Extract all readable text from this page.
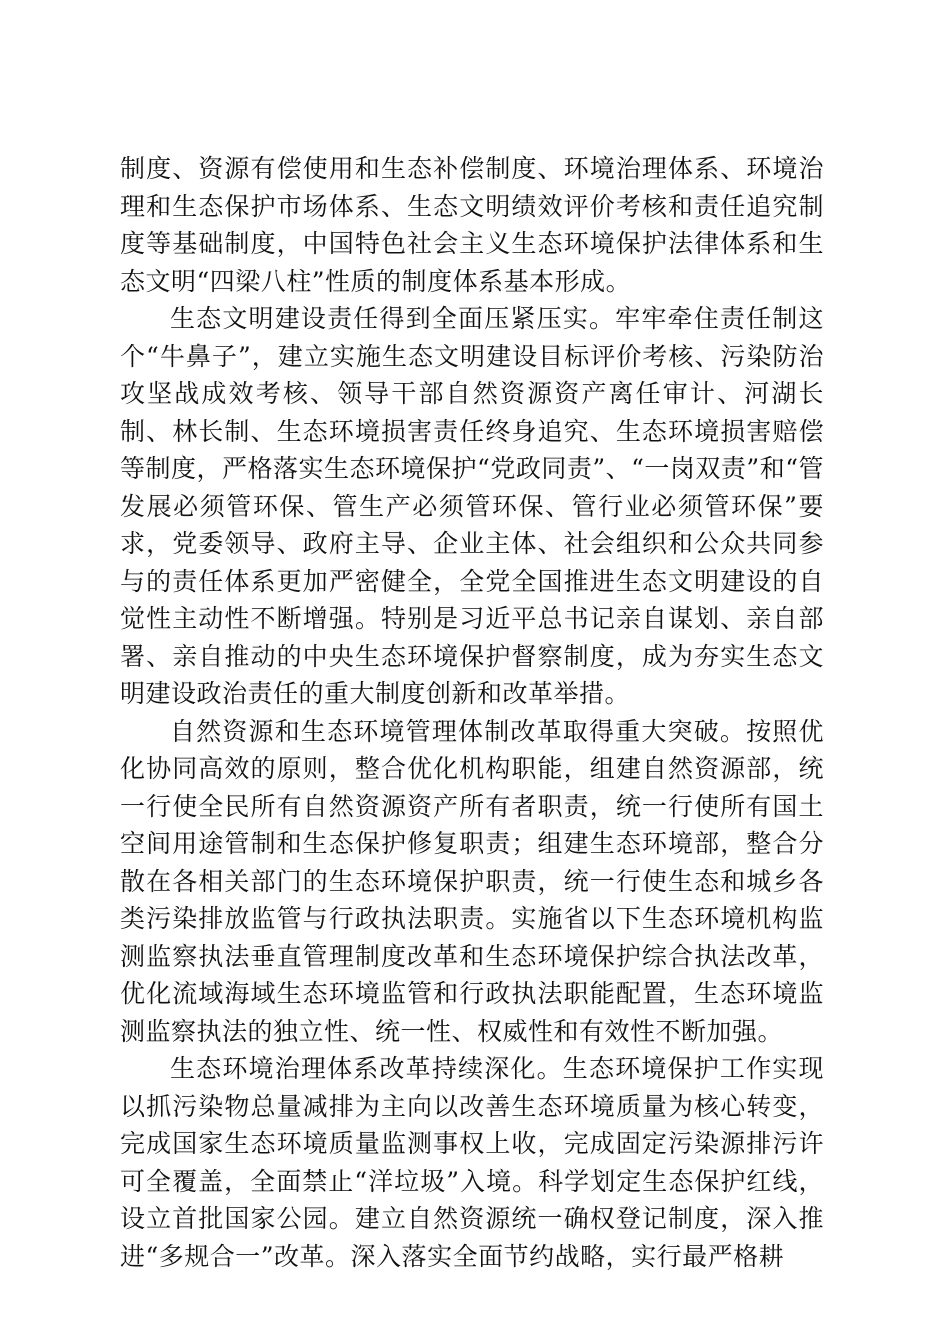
制度、资源有偿使用和生态补偿制度、环境治理体系、环境治理和生态保护市场体系、生态文明绩效评价考核和责任追究制度等基础制度，中国特色社会主义生态环境保护法律体系和生态文明“四梁八柱”性质的制度体系基本形成。

生态文明建设责任得到全面压紧压实。牢牢牵住责任制这个“牛鼻子”，建立实施生态文明建设目标评价考核、污染防治攻坚战成效考核、领导干部自然资源资产离任审计、河湖长制、林长制、生态环境损害责任终身追究、生态环境损害赔偿等制度，严格落实生态环境保护“党政同责”、“一岗双责”和“管发展必须管环保、管生产必须管环保、管行业必须管环保”要求，党委领导、政府主导、企业主体、社会组织和公众共同参与的责任体系更加严密健全，全党全国推进生态文明建设的自觉性主动性不断增强。特别是习近平总书记亲自谋划、亲自部署、亲自推动的中央生态环境保护督察制度，成为夯实生态文明建设政治责任的重大制度创新和改革举措。

自然资源和生态环境管理体制改革取得重大突破。按照优化协同高效的原则，整合优化机构职能，组建自然资源部，统一行使全民所有自然资源资产所有者职责，统一行使所有国土空间用途管制和生态保护修复职责；组建生态环境部，整合分散在各相关部门的生态环境保护职责，统一行使生态和城乡各类污染排放监管与行政执法职责。实施省以下生态环境机构监测监察执法垂直管理制度改革和生态环境保护综合执法改革，优化流域海域生态环境监管和行政执法职能配置，生态环境监测监察执法的独立性、统一性、权威性和有效性不断加强。

生态环境治理体系改革持续深化。生态环境保护工作实现以抓污染物总量减排为主向以改善生态环境质量为核心转变，完成国家生态环境质量监测事权上收，完成固定污染源排污许可全覆盖，全面禁止“洋垃圾”入境。科学划定生态保护红线，设立首批国家公园。建立自然资源统一确权登记制度，深入推进“多规合一”改革。深入落实全面节约战略，实行最严格耕
